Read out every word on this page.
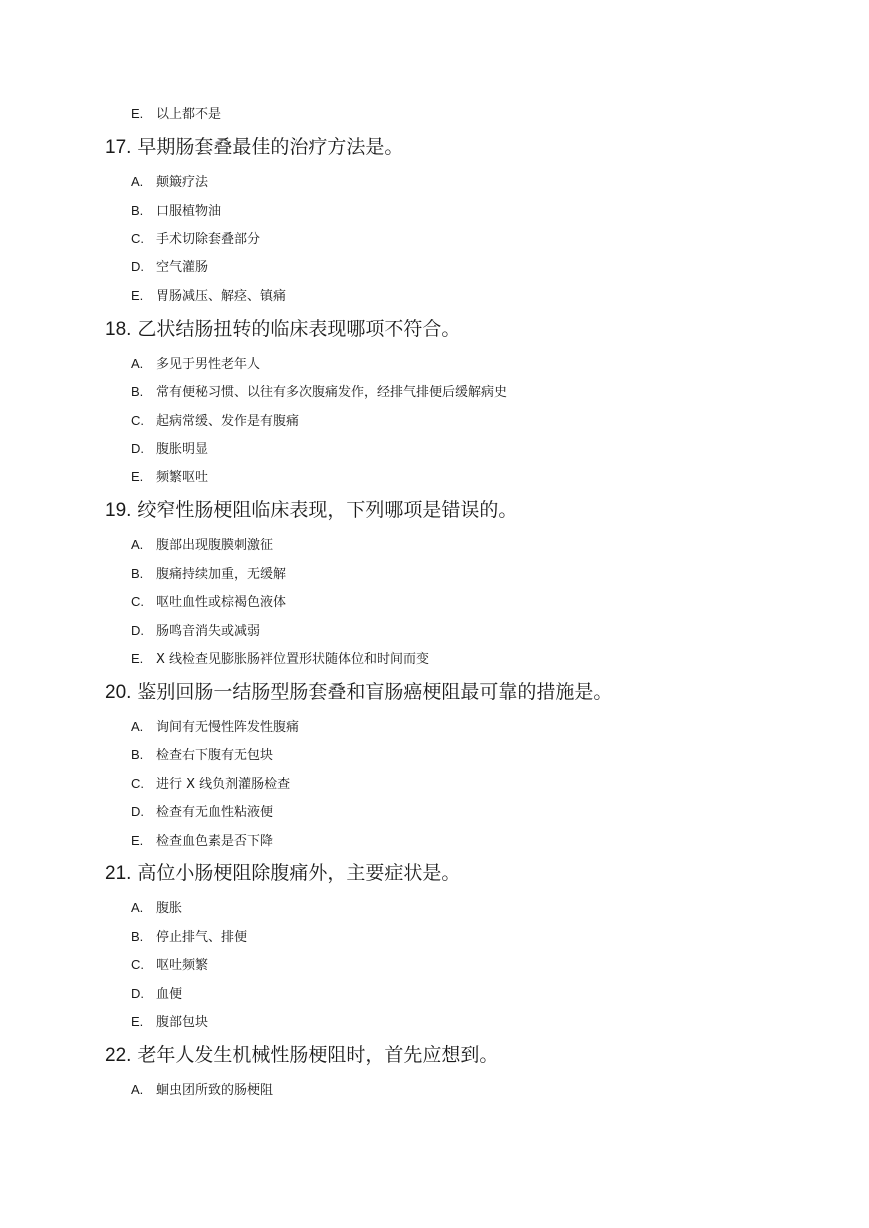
E. 以上都不是
17. 早期肠套叠最佳的治疗方法是。
A. 颠簸疗法
B. 口服植物油
C. 手术切除套叠部分
D. 空气灌肠
E. 胃肠减压、解痉、镇痛
18. 乙状结肠扭转的临床表现哪项不符合。
A. 多见于男性老年人
B. 常有便秘习惯、以往有多次腹痛发作，经排气排便后缓解病史
C. 起病常缓、发作是有腹痛
D. 腹胀明显
E. 频繁呕吐
19. 绞窄性肠梗阻临床表现，下列哪项是错误的。
A. 腹部出现腹膜刺激征
B. 腹痛持续加重，无缓解
C. 呕吐血性或棕褐色液体
D. 肠鸣音消失或减弱
E. X 线检查见膨胀肠袢位置形状随体位和时间而变
20. 鉴别回肠一结肠型肠套叠和盲肠癌梗阻最可靠的措施是。
A. 询间有无慢性阵发性腹痛
B. 检查右下腹有无包块
C. 进行 X 线负剂灌肠检查
D. 检查有无血性粘液便
E. 检查血色素是否下降
21. 高位小肠梗阻除腹痛外，主要症状是。
A. 腹胀
B. 停止排气、排便
C. 呕吐频繁
D. 血便
E. 腹部包块
22. 老年人发生机械性肠梗阻时，首先应想到。
A. 蛔虫团所致的肠梗阻
